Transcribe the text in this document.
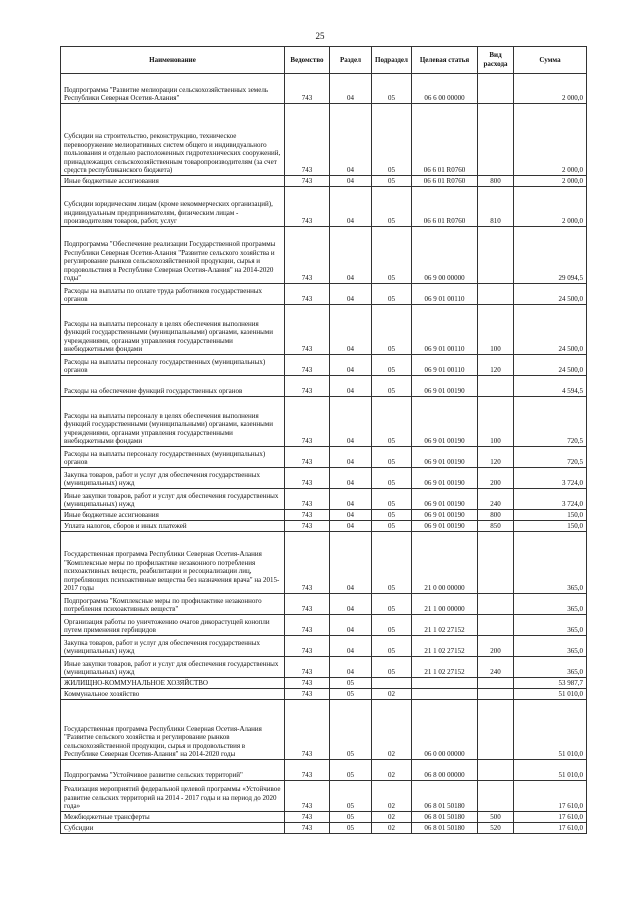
25
Наименование	Ведомство	Раздел	Подраздел	Целевая статья	Вид расхода	Сумма
Подпрограмма "Развитие мелиорации сельскохозяйственных земель Республики Северная Осетия-Алания"	743	04	05	06 6 00 00000		2 000,0
Субсидии на строительство, реконструкцию, техническое перевооружение мелиоративных систем общего и индивидуального пользования и отдельно расположенных гидротехнических сооружений, принадлежащих сельскохозяйственным товаропроизводителям (за счет средств республиканского бюджета)	743	04	05	06 6 01 R0760		2 000,0
Иные бюджетные ассигнования	743	04	05	06 6 01 R0760	800	2 000,0
Субсидии юридическим лицам (кроме некоммерческих организаций), индивидуальным предпринимателям, физическим лицам - производителям товаров, работ, услуг	743	04	05	06 6 01 R0760	810	2 000,0
Подпрограмма "Обеспечение реализации Государственной программы Республики Северная Осетия-Алания "Развитие сельского хозяйства и регулирование рынков сельскохозяйственной продукции, сырья и продовольствия в Республике Северная Осетия-Алания" на 2014-2020 годы"	743	04	05	06 9 00 00000		29 094,5
Расходы на выплаты по оплате труда работников государственных органов	743	04	05	06 9 01 00110		24 500,0
Расходы на выплаты персоналу в целях обеспечения выполнения функций государственными (муниципальными) органами, казенными учреждениями, органами управления государственными внебюджетными фондами	743	04	05	06 9 01 00110	100	24 500,0
Расходы на выплаты персоналу государственных (муниципальных) органов	743	04	05	06 9 01 00110	120	24 500,0
Расходы на обеспечение функций государственных органов	743	04	05	06 9 01 00190		4 594,5
Расходы на выплаты персоналу в целях обеспечения выполнения функций государственными (муниципальными) органами, казенными учреждениями, органами управления государственными внебюджетными фондами	743	04	05	06 9 01 00190	100	720,5
Расходы на выплаты персоналу государственных (муниципальных) органов	743	04	05	06 9 01 00190	120	720,5
Закупка товаров, работ и услуг для обеспечения государственных (муниципальных) нужд	743	04	05	06 9 01 00190	200	3 724,0
Иные закупки товаров, работ и услуг для обеспечения государственных (муниципальных) нужд	743	04	05	06 9 01 00190	240	3 724,0
Иные бюджетные ассигнования	743	04	05	06 9 01 00190	800	150,0
Уплата налогов, сборов и иных платежей	743	04	05	06 9 01 00190	850	150,0
Государственная программа Республики Северная Осетия-Алания "Комплексные меры по профилактике незаконного потребления психоактивных веществ, реабилитации и ресоциализации лиц, потребляющих психоактивные вещества без назначения врача" на 2015-2017 годы	743	04	05	21 0 00 00000		365,0
Подпрограмма "Комплексные меры по профилактике незаконного потребления психоактивных веществ"	743	04	05	21 1 00 00000		365,0
Организация работы по уничтожению очагов дикорастущей конопли путем применения гербицидов	743	04	05	21 1 02 27152		365,0
Закупка товаров, работ и услуг для обеспечения государственных (муниципальных) нужд	743	04	05	21 1 02 27152	200	365,0
Иные закупки товаров, работ и услуг для обеспечения государственных (муниципальных) нужд	743	04	05	21 1 02 27152	240	365,0
ЖИЛИЩНО-КОММУНАЛЬНОЕ ХОЗЯЙСТВО	743	05				53 987,7
Коммунальное хозяйство	743	05	02			51 010,0
Государственная программа Республики Северная Осетия-Алания "Развитие сельского хозяйства и регулирование рынков сельскохозяйственной продукции, сырья и продовольствия в Республике Северная Осетия-Алания" на 2014-2020 годы	743	05	02	06 0 00 00000		51 010,0
Подпрограмма "Устойчивое развитие сельских территорий"	743	05	02	06 8 00 00000		51 010,0
Реализация мероприятий федеральной целевой программы «Устойчивое развитие сельских территорий на 2014 - 2017 годы и на период до 2020 года»	743	05	02	06 8 01 50180		17 610,0
Межбюджетные трансферты	743	05	02	06 8 01 50180	500	17 610,0
Субсидии	743	05	02	06 8 01 50180	520	17 610,0
